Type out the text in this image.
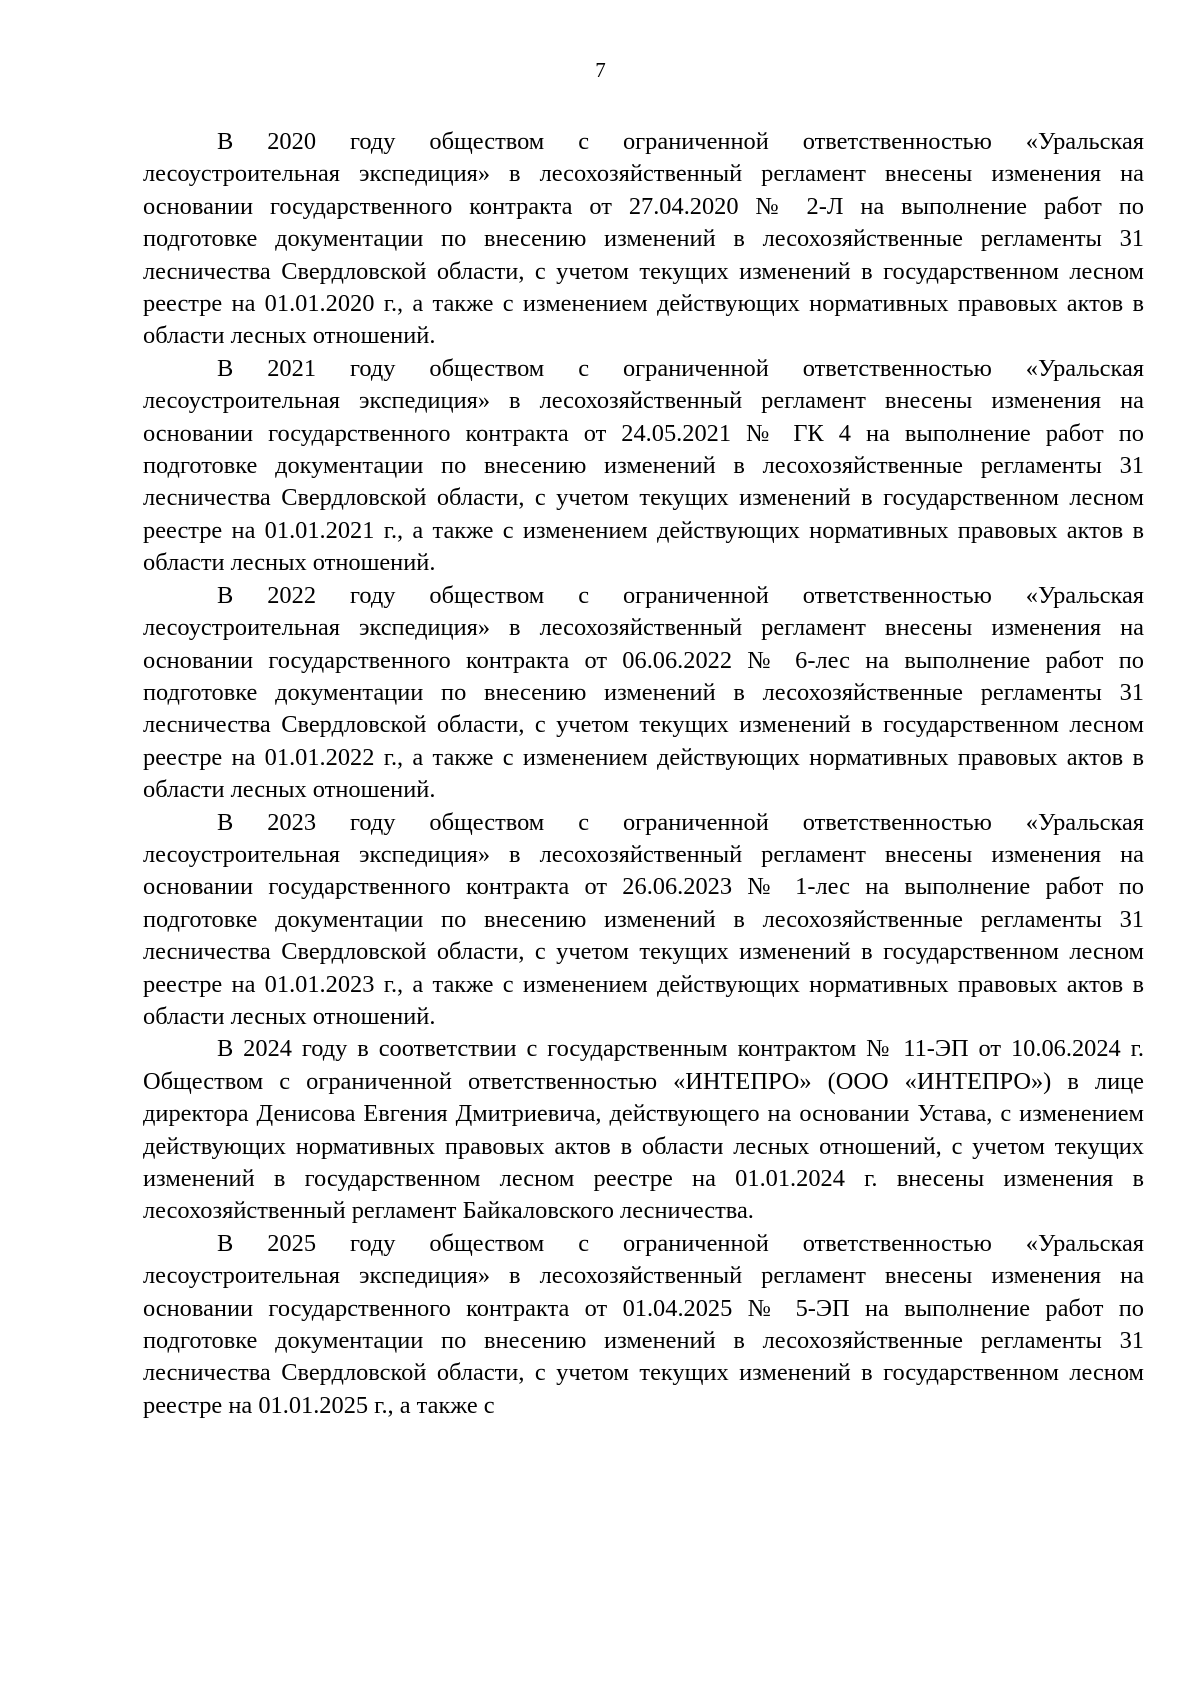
7

В 2020 году обществом с ограниченной ответственностью «Уральская лесоустроительная экспедиция» в лесохозяйственный регламент внесены изменения на основании государственного контракта от 27.04.2020 № 2-Л на выполнение работ по подготовке документации по внесению изменений в лесохозяйственные регламенты 31 лесничества Свердловской области, с учетом текущих изменений в государственном лесном реестре на 01.01.2020 г., а также с изменением действующих нормативных правовых актов в области лесных отношений.

В 2021 году обществом с ограниченной ответственностью «Уральская лесоустроительная экспедиция» в лесохозяйственный регламент внесены изменения на основании государственного контракта от 24.05.2021 № ГК 4 на выполнение работ по подготовке документации по внесению изменений в лесохозяйственные регламенты 31 лесничества Свердловской области, с учетом текущих изменений в государственном лесном реестре на 01.01.2021 г., а также с изменением действующих нормативных правовых актов в области лесных отношений.

В 2022 году обществом с ограниченной ответственностью «Уральская лесоустроительная экспедиция» в лесохозяйственный регламент внесены изменения на основании государственного контракта от 06.06.2022 № 6-лес на выполнение работ по подготовке документации по внесению изменений в лесохозяйственные регламенты 31 лесничества Свердловской области, с учетом текущих изменений в государственном лесном реестре на 01.01.2022 г., а также с изменением действующих нормативных правовых актов в области лесных отношений.

В 2023 году обществом с ограниченной ответственностью «Уральская лесоустроительная экспедиция» в лесохозяйственный регламент внесены изменения на основании государственного контракта от 26.06.2023 № 1-лес на выполнение работ по подготовке документации по внесению изменений в лесохозяйственные регламенты 31 лесничества Свердловской области, с учетом текущих изменений в государственном лесном реестре на 01.01.2023 г., а также с изменением действующих нормативных правовых актов в области лесных отношений.

В 2024 году в соответствии с государственным контрактом № 11-ЭП от 10.06.2024 г. Обществом с ограниченной ответственностью «ИНТЕПРО» (ООО «ИНТЕПРО») в лице директора Денисова Евгения Дмитриевича, действующего на основании Устава, с изменением действующих нормативных правовых актов в области лесных отношений, с учетом текущих изменений в государственном лесном реестре на 01.01.2024 г. внесены изменения в лесохозяйственный регламент Байкаловского лесничества.

В 2025 году обществом с ограниченной ответственностью «Уральская лесоустроительная экспедиция» в лесохозяйственный регламент внесены изменения на основании государственного контракта от 01.04.2025 № 5-ЭП на выполнение работ по подготовке документации по внесению изменений в лесохозяйственные регламенты 31 лесничества Свердловской области, с учетом текущих изменений в государственном лесном реестре на 01.01.2025 г., а также с
